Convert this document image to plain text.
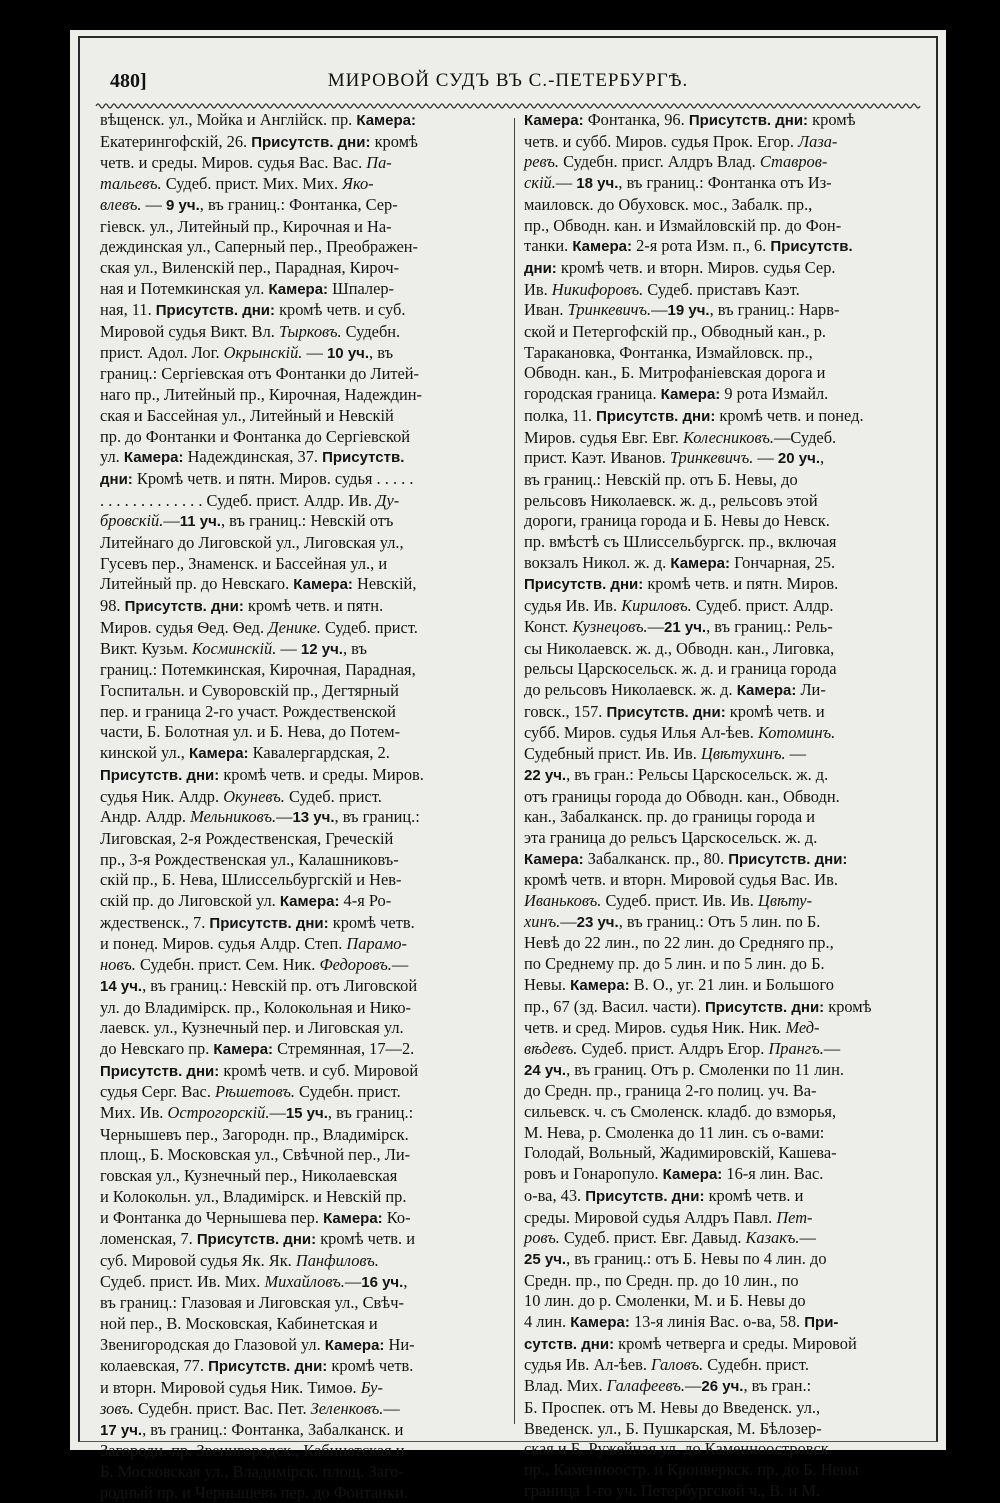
480]	МИРОВОЙ СУДЪ ВЪ С.-ПЕТЕРБУРГѢ.
вѣщенск. ул., Мойка и Англійск. пр. Камера:
Екатерингофскій, 26. Присутств. дни: кромѣ
четв. и среды. Миров. судья Вас. Вас. Па-
тальевъ. Судеб. прист. Мих. Мих. Яко-
влевъ. — 9 уч., въ границ.: Фонтанка, Сер-
гіевск. ул., Литейный пр., Кирочная и На-
деждинская ул., Саперный пер., Преображен-
ская ул., Виленскій пер., Парадная, Кироч-
ная и Потемкинская ул. Камера: Шпалер-
ная, 11. Присутств. дни: кромѣ четв. и суб.
Мировой судья Викт. Вл. Тырковъ. Судебн.
прист. Адол. Лог. Окрынскій. — 10 уч., въ
границ.: Сергіевская отъ Фонтанки до Литей-
наго пр., Литейный пр., Кирочная, Надеждин-
ская и Бассейная ул., Литейный и Невскій
пр. до Фонтанки и Фонтанка до Сергіевской
ул. Камера: Надеждинская, 37. Присутств.
дни: Кромѣ четв. и пятн. Миров. судья . . . . .
. . . . . . . . . . . . . Судеб. прист. Алдр. Ив. Ду-
бровскій.—11 уч., въ границ.: Невскій отъ
Литейнаго до Лиговской ул., Лиговская ул.,
Гусевъ пер., Знаменск. и Бассейная ул., и
Литейный пр. до Невскаго. Камера: Невскій,
98. Присутств. дни: кромѣ четв. и пятн.
Миров. судья Ѳед. Ѳед. Денике. Судеб. прист.
Викт. Кузьм. Косминскій. — 12 уч., въ
границ.: Потемкинская, Кирочная, Парадная,
Госпитальн. и Суворовскій пр., Дегтярный
пер. и граница 2-го участ. Рождественской
части, Б. Болотная ул. и Б. Нева, до Потем-
кинской ул., Камера: Кавалергардская, 2.
Присутств. дни: кромѣ четв. и среды. Миров.
судья Ник. Алдр. Окуневъ. Судеб. прист.
Андр. Алдр. Мельниковъ.—13 уч., въ границ.:
Лиговская, 2-я Рождественская, Греческій
пр., 3-я Рождественская ул., Калашниковъ-
скій пр., Б. Нева, Шлиссельбургскій и Нев-
скій пр. до Лиговской ул. Камера: 4-я Ро-
ждественск., 7. Присутств. дни: кромѣ четв.
и понед. Миров. судья Алдр. Степ. Парамо-
новъ. Судебн. прист. Сем. Ник. Федоровъ.—
14 уч., въ границ.: Невскій пр. отъ Лиговской
ул. до Владимірск. пр., Колокольная и Нико-
лаевск. ул., Кузнечный пер. и Лиговская ул.
до Невскаго пр. Камера: Стремянная, 17—2.
Присутств. дни: кромѣ четв. и суб. Мировой
судья Серг. Вас. Рѣшетовъ. Судебн. прист.
Мих. Ив. Острогорскій.—15 уч., въ границ.:
Чернышевъ пер., Загородн. пр., Владимірск.
площ., Б. Московская ул., Свѣчной пер., Ли-
говская ул., Кузнечный пер., Николаевская
и Колокольн. ул., Владимірск. и Невскій пр.
и Фонтанка до Чернышева пер. Камера: Ко-
ломенская, 7. Присутств. дни: кромѣ четв. и
суб. Мировой судья Як. Як. Панфиловъ.
Судеб. прист. Ив. Мих. Михайловъ.—16 уч.,
въ границ.: Глазовая и Лиговская ул., Свѣч-
ной пер., В. Московская, Кабинетская и
Звенигородская до Глазовой ул. Камера: Ни-
колаевская, 77. Присутств. дни: кромѣ четв.
и вторн. Мировой судья Ник. Тимоѳ. Бу-
зовъ. Судебн. прист. Вас. Пет. Зеленковъ.—
17 уч., въ границ.: Фонтанка, Забалканск. и
Загородн. пр. Звенигородск., Кабинетская и
Б. Московская ул., Владимірск. площ. Заго-
родный пр. и Чернышевъ пер. до Фонтанки.
Камера: Фонтанка, 96. Присутств. дни: кромѣ
четв. и субб. Миров. судья Прок. Егор. Лаза-
ревъ. Судебн. присг. Алдръ Влад. Ставров-
скій.— 18 уч., въ границ.: Фонтанка отъ Из-
маиловск. до Обуховск. мос., Забалк. пр.,
пр., Обводн. кан. и Измайловскій пр. до Фон-
танки. Камера: 2-я рота Изм. п., 6. Присутств.
дни: кромѣ четв. и вторн. Миров. судья Сер.
Ив. Никифоровъ. Судеб. приставъ Каэт.
Иван. Тринкевичъ.—19 уч., въ границ.: Нарв-
ской и Петергофскій пр., Обводный кан., р.
Таракановка, Фонтанка, Измайловск. пр.,
Обводн. кан., Б. Митрофаніевская дорога и
городская граница. Камера: 9 рота Измайл.
полка, 11. Присутств. дни: кромѣ четв. и понед.
Миров. судья Евг. Евг. Колесниковъ.—Судеб.
прист. Каэт. Иванов. Тринкевичъ. — 20 уч.,
въ границ.: Невскій пр. отъ Б. Невы, до
рельсовъ Николаевск. ж. д., рельсовъ этой
дороги, граница города и Б. Невы до Невск.
пр. вмѣстѣ съ Шлиссельбургск. пр., включая
вокзалъ Никол. ж. д. Камера: Гончарная, 25.
Присутств. дни: кромѣ четв. и пятн. Миров.
судья Ив. Ив. Кириловъ. Судеб. прист. Алдр.
Конст. Кузнецовъ.—21 уч., въ границ.: Рель-
сы Николаевск. ж. д., Обводн. кан., Лиговка,
рельсы Царскосельск. ж. д. и граница города
до рельсовъ Николаевск. ж. д. Камера: Ли-
говск., 157. Присутств. дни: кромѣ четв. и
субб. Миров. судья Илья Ал-ѣев. Котоминъ.
Судебный прист. Ив. Ив. Цвѣтухинъ. —
22 уч., въ гран.: Рельсы Царскосельск. ж. д.
отъ границы города до Обводн. кан., Обводн.
кан., Забалканск. пр. до границы города и
эта граница до рельсъ Царскосельск. ж. д.
Камера: Забалканск. пр., 80. Присутств. дни:
кромѣ четв. и вторн. Мировой судья Вас. Ив.
Иваньковъ. Судеб. прист. Ив. Ив. Цвѣту-
хинъ.—23 уч., въ границ.: Отъ 5 лин. по Б.
Невѣ до 22 лин., по 22 лин. до Средняго пр.,
по Среднему пр. до 5 лин. и по 5 лин. до Б.
Невы. Камера: В. О., уг. 21 лин. и Большого
пр., 67 (зд. Васил. части). Присутств. дни: кромѣ
четв. и сред. Миров. судья Ник. Ник. Мед-
вѣдевъ. Судеб. прист. Алдръ Егор. Прангъ.—
24 уч., въ границ. Отъ р. Смоленки по 11 лин.
до Средн. пр., граница 2-го полиц. уч. Ва-
сильевск. ч. съ Смоленск. кладб. до взморья,
М. Нева, р. Смоленка до 11 лин. съ о-вами:
Голодай, Вольный, Жадимировскій, Кашева-
ровъ и Гонаропуло. Камера: 16-я лин. Вас.
о-ва, 43. Присутств. дни: кромѣ четв. и
среды. Мировой судья Алдръ Павл. Пет-
ровъ. Судеб. прист. Евг. Давыд. Казакъ.—
25 уч., въ границ.: отъ Б. Невы по 4 лин. до
Средн. пр., по Средн. пр. до 10 лин., по
10 лин. до р. Смоленки, М. и Б. Невы до
4 лин. Камера: 13-я линія Вас. о-ва, 58. При-
сутств. дни: кромѣ четверга и среды. Мировой
судья Ив. Ал-ѣев. Галовъ. Судебн. прист.
Влад. Мих. Галафеевъ.—26 уч., въ гран.:
Б. Проспек. отъ М. Невы до Введенск. ул.,
Введенск. ул., Б. Пушкарская, М. Бѣлозер-
ская и Б. Ружейная ул. до Каменноостровск.
пр., Каменноостр. и Кронверкск. пр. до Б. Невы
граница 1-го уч. Петербургской ч., В. и М.
